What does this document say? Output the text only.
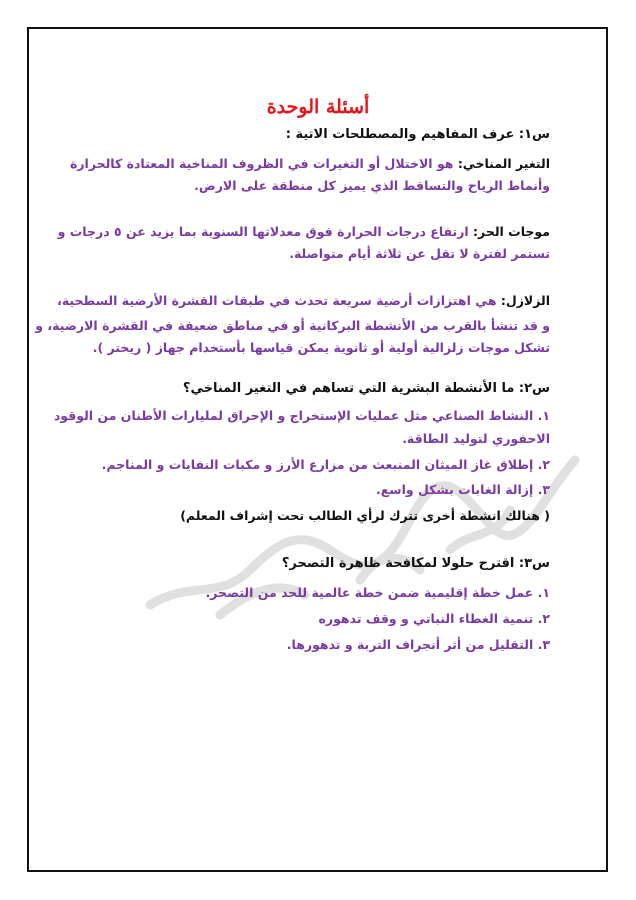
أسئلة الوحدة
س١: عرف المفاهيم والمصطلحات الاتية :
التغير المناخي: هو الاختلال أو التغيرات في الظروف المناخية المعتادة كالحرارة
وأنماط الرياح والتساقط الذي يميز كل منطقة على الارض.
موجات الحر: ارتفاع درجات الحرارة فوق معدلاتها السنوية بما يزيد عن ٥ درجات و
تستمر لفترة لا تقل عن ثلاثة أيام متواصلة.
الزلازل: هي اهتزازات أرضية سريعة تحدث في طبقات القشرة الأرضية السطحية،
و قد تنشأ بالقرب من الأنشطة البركانية أو في مناطق ضعيفة في القشرة الارضية، و
تشكل موجات زلزالية أولية أو ثانوية يمكن قياسها بأستخدام جهاز ( ريختر ).
س٢: ما الأنشطة البشرية التي تساهم في التغير المناخي؟
١. النشاط الصناعي مثل عمليات الإستخراج و الإحراق لمليارات الأطنان من الوقود
الاحفوري لتوليد الطاقة.
٢. إطلاق غاز الميثان المنبعث من مزارع الأرز و مكبات النفايات و المناجم.
٣. إزالة الغابات بشكل واسع.
( هنالك انشطة أخرى تترك لرأي الطالب تحت إشراف المعلم)
س٣: اقترح حلولا لمكافحة ظاهرة التصحر؟
١. عمل خطة إقليمية ضمن خطة عالمية للحد من التصحر.
٢. تنمية الغطاء النباتي و وقف تدهوره
٣. التقليل من أثر أنجراف التربة و تدهورها.
